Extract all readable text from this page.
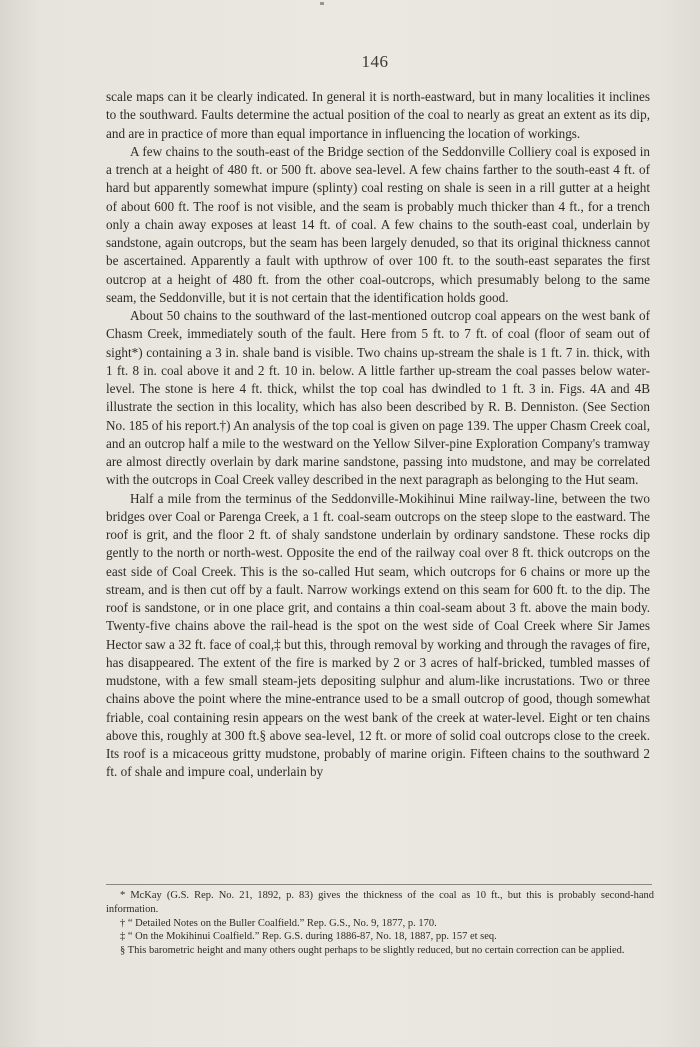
146

scale maps can it be clearly indicated. In general it is north-eastward, but in many localities it inclines to the southward. Faults determine the actual position of the coal to nearly as great an extent as its dip, and are in practice of more than equal importance in influencing the location of workings.

A few chains to the south-east of the Bridge section of the Seddonville Colliery coal is exposed in a trench at a height of 480 ft. or 500 ft. above sea-level. A few chains farther to the south-east 4 ft. of hard but apparently somewhat impure (splinty) coal resting on shale is seen in a rill gutter at a height of about 600 ft. The roof is not visible, and the seam is probably much thicker than 4 ft., for a trench only a chain away exposes at least 14 ft. of coal. A few chains to the south-east coal, underlain by sandstone, again outcrops, but the seam has been largely denuded, so that its original thickness cannot be ascertained. Apparently a fault with upthrow of over 100 ft. to the south-east separates the first outcrop at a height of 480 ft. from the other coal-outcrops, which presumably belong to the same seam, the Seddonville, but it is not certain that the identification holds good.

About 50 chains to the southward of the last-mentioned outcrop coal appears on the west bank of Chasm Creek, immediately south of the fault. Here from 5 ft. to 7 ft. of coal (floor of seam out of sight*) containing a 3 in. shale band is visible. Two chains up-stream the shale is 1 ft. 7 in. thick, with 1 ft. 8 in. coal above it and 2 ft. 10 in. below. A little farther up-stream the coal passes below water-level. The stone is here 4 ft. thick, whilst the top coal has dwindled to 1 ft. 3 in. Figs. 4A and 4B illustrate the section in this locality, which has also been described by R. B. Denniston. (See Section No. 185 of his report.†) An analysis of the top coal is given on page 139. The upper Chasm Creek coal, and an outcrop half a mile to the westward on the Yellow Silver-pine Exploration Company's tramway are almost directly overlain by dark marine sandstone, passing into mudstone, and may be correlated with the outcrops in Coal Creek valley described in the next paragraph as belonging to the Hut seam.

Half a mile from the terminus of the Seddonville-Mokihinui Mine railway-line, between the two bridges over Coal or Parenga Creek, a 1 ft. coal-seam outcrops on the steep slope to the eastward. The roof is grit, and the floor 2 ft. of shaly sandstone underlain by ordinary sandstone. These rocks dip gently to the north or north-west. Opposite the end of the railway coal over 8 ft. thick outcrops on the east side of Coal Creek. This is the so-called Hut seam, which outcrops for 6 chains or more up the stream, and is then cut off by a fault. Narrow workings extend on this seam for 600 ft. to the dip. The roof is sandstone, or in one place grit, and contains a thin coal-seam about 3 ft. above the main body. Twenty-five chains above the rail-head is the spot on the west side of Coal Creek where Sir James Hector saw a 32 ft. face of coal,‡ but this, through removal by working and through the ravages of fire, has disappeared. The extent of the fire is marked by 2 or 3 acres of half-bricked, tumbled masses of mudstone, with a few small steam-jets depositing sulphur and alum-like incrustations. Two or three chains above the point where the mine-entrance used to be a small outcrop of good, though somewhat friable, coal containing resin appears on the west bank of the creek at water-level. Eight or ten chains above this, roughly at 300 ft.§ above sea-level, 12 ft. or more of solid coal outcrops close to the creek. Its roof is a micaceous gritty mudstone, probably of marine origin. Fifteen chains to the southward 2 ft. of shale and impure coal, underlain by

* McKay (G.S. Rep. No. 21, 1892, p. 83) gives the thickness of the coal as 10 ft., but this is probably second-hand information.

† “ Detailed Notes on the Buller Coalfield.” Rep. G.S., No. 9, 1877, p. 170.

‡ “ On the Mokihinui Coalfield.” Rep. G.S. during 1886-87, No. 18, 1887, pp. 157 et seq.

§ This barometric height and many others ought perhaps to be slightly reduced, but no certain correction can be applied.
